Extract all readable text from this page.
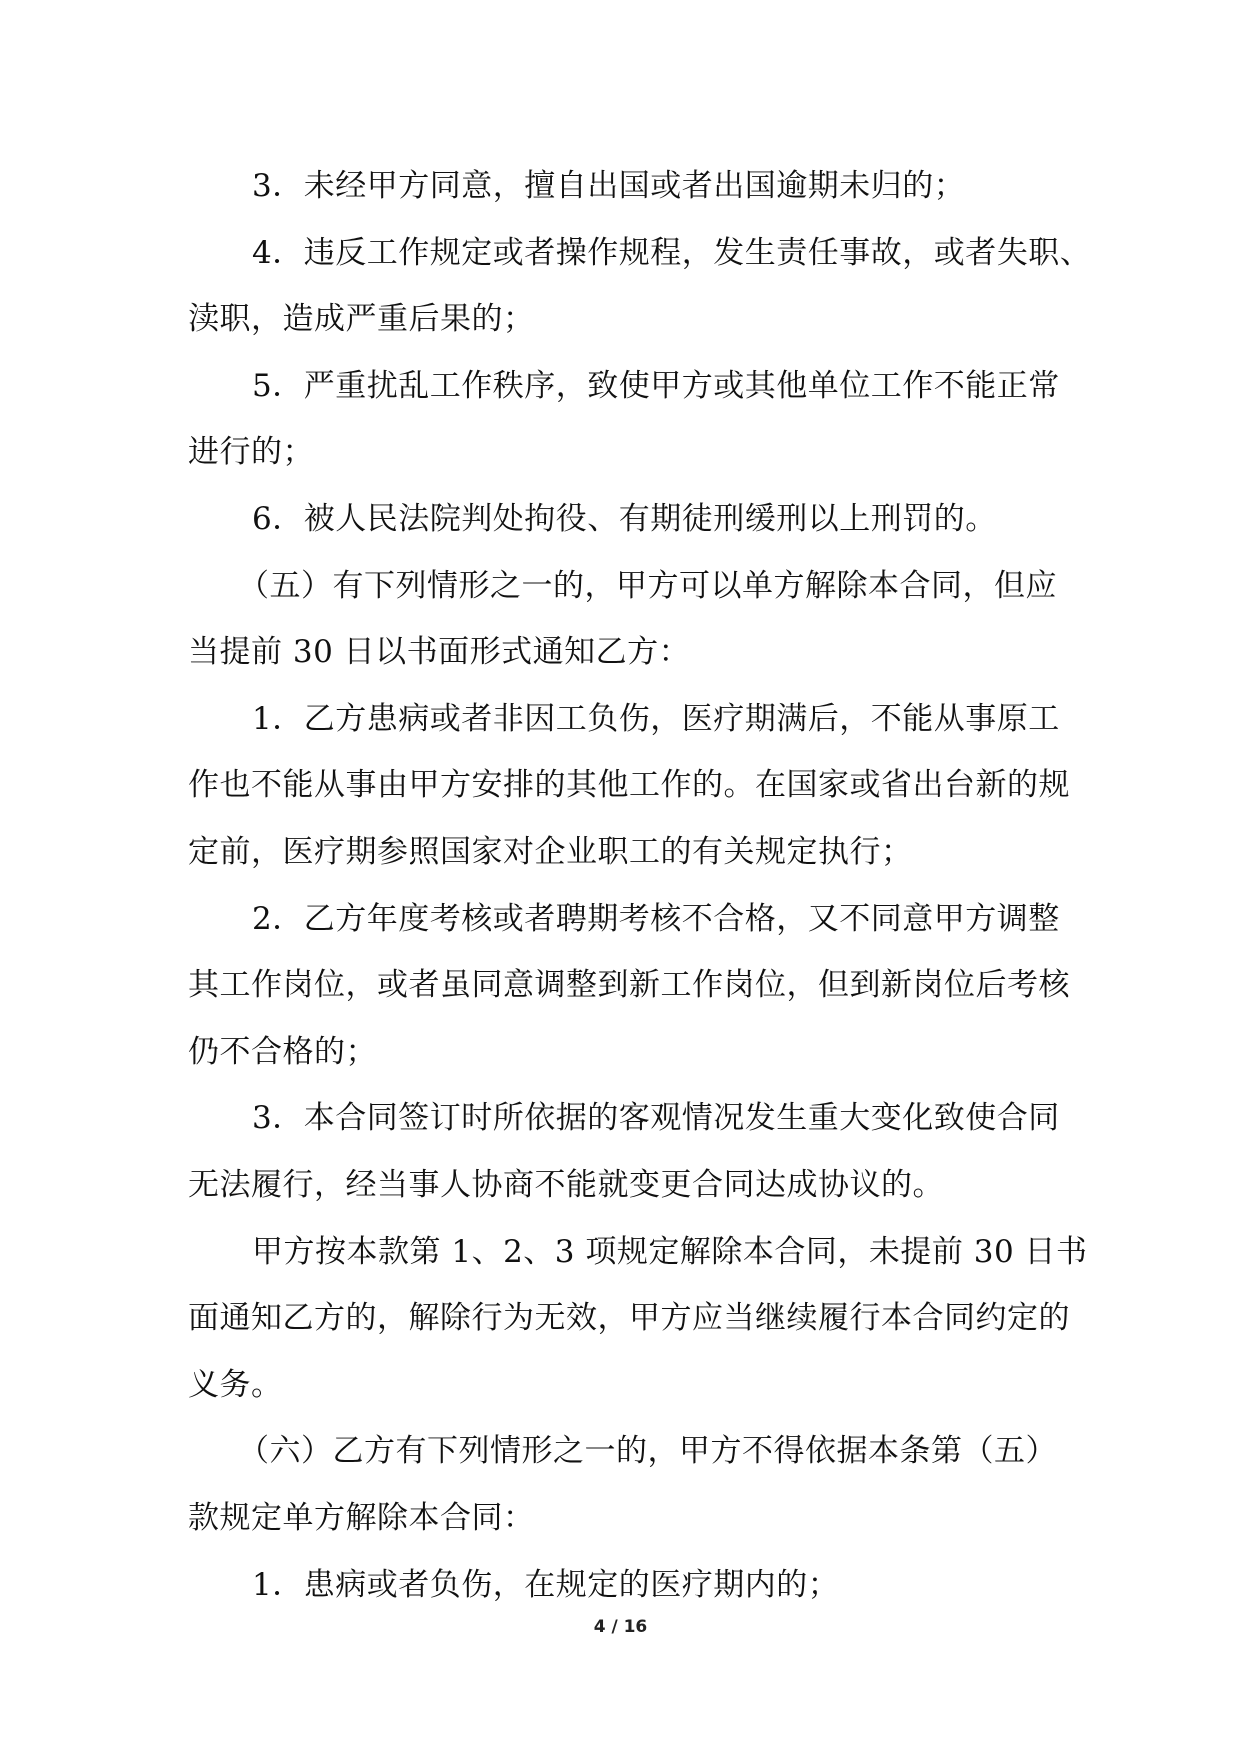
3．未经甲方同意，擅自出国或者出国逾期未归的；
4．违反工作规定或者操作规程，发生责任事故，或者失职、
渎职，造成严重后果的；
5．严重扰乱工作秩序，致使甲方或其他单位工作不能正常
进行的；
6．被人民法院判处拘役、有期徒刑缓刑以上刑罚的。
（五）有下列情形之一的，甲方可以单方解除本合同，但应
当提前 30 日以书面形式通知乙方：
1．乙方患病或者非因工负伤，医疗期满后，不能从事原工
作也不能从事由甲方安排的其他工作的。在国家或省出台新的规
定前，医疗期参照国家对企业职工的有关规定执行；
2．乙方年度考核或者聘期考核不合格，又不同意甲方调整
其工作岗位，或者虽同意调整到新工作岗位，但到新岗位后考核
仍不合格的；
3．本合同签订时所依据的客观情况发生重大变化致使合同
无法履行，经当事人协商不能就变更合同达成协议的。
甲方按本款第 1、2、3 项规定解除本合同，未提前 30 日书
面通知乙方的，解除行为无效，甲方应当继续履行本合同约定的
义务。
（六）乙方有下列情形之一的，甲方不得依据本条第（五）
款规定单方解除本合同：
1．患病或者负伤，在规定的医疗期内的；
4 / 16
